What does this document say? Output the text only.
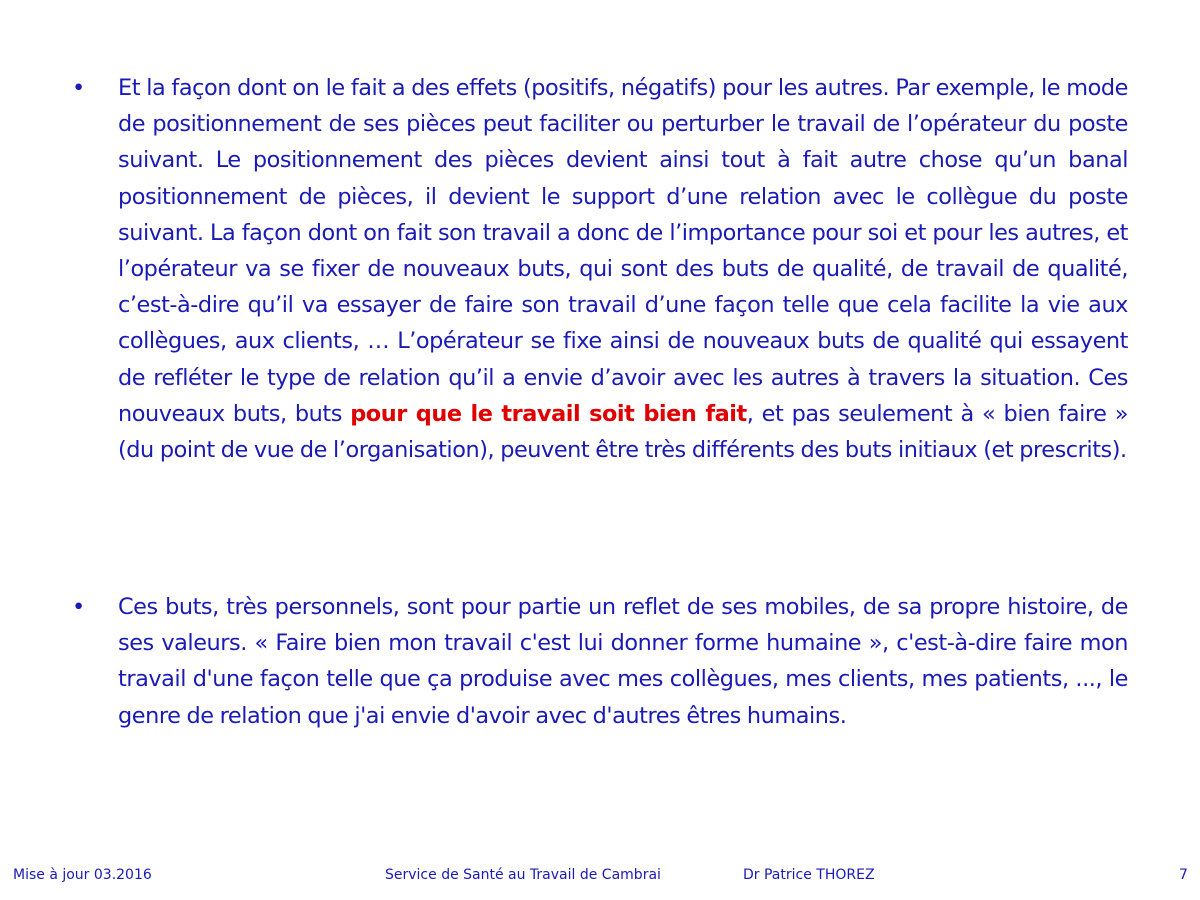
• Et la façon dont on le fait a des effets (positifs, négatifs) pour les autres. Par exemple, le mode de positionnement de ses pièces peut faciliter ou perturber le travail de l’opérateur du poste suivant. Le positionnement des pièces devient ainsi tout à fait autre chose qu’un banal positionnement de pièces, il devient le support d’une relation avec le collègue du poste suivant. La façon dont on fait son travail a donc de l’importance pour soi et pour les autres, et l’opérateur va se fixer de nouveaux buts, qui sont des buts de qualité, de travail de qualité, c’est-à-dire qu’il va essayer de faire son travail d’une façon telle que cela facilite la vie aux collègues, aux clients, … L’opérateur se fixe ainsi de nouveaux buts de qualité qui essayent de refléter le type de relation qu’il a envie d’avoir avec les autres à travers la situation. Ces nouveaux buts, buts pour que le travail soit bien fait, et pas seulement à « bien faire » (du point de vue de l’organisation), peuvent être très différents des buts initiaux (et prescrits).

• Ces buts, très personnels, sont pour partie un reflet de ses mobiles, de sa propre histoire, de ses valeurs. « Faire bien mon travail c'est lui donner forme humaine », c'est-à-dire faire mon travail d'une façon telle que ça produise avec mes collègues, mes clients, mes patients, ..., le genre de relation que j'ai envie d'avoir avec d'autres êtres humains.

Mise à jour 03.2016	Service de Santé au Travail de Cambrai	Dr Patrice THOREZ	7
